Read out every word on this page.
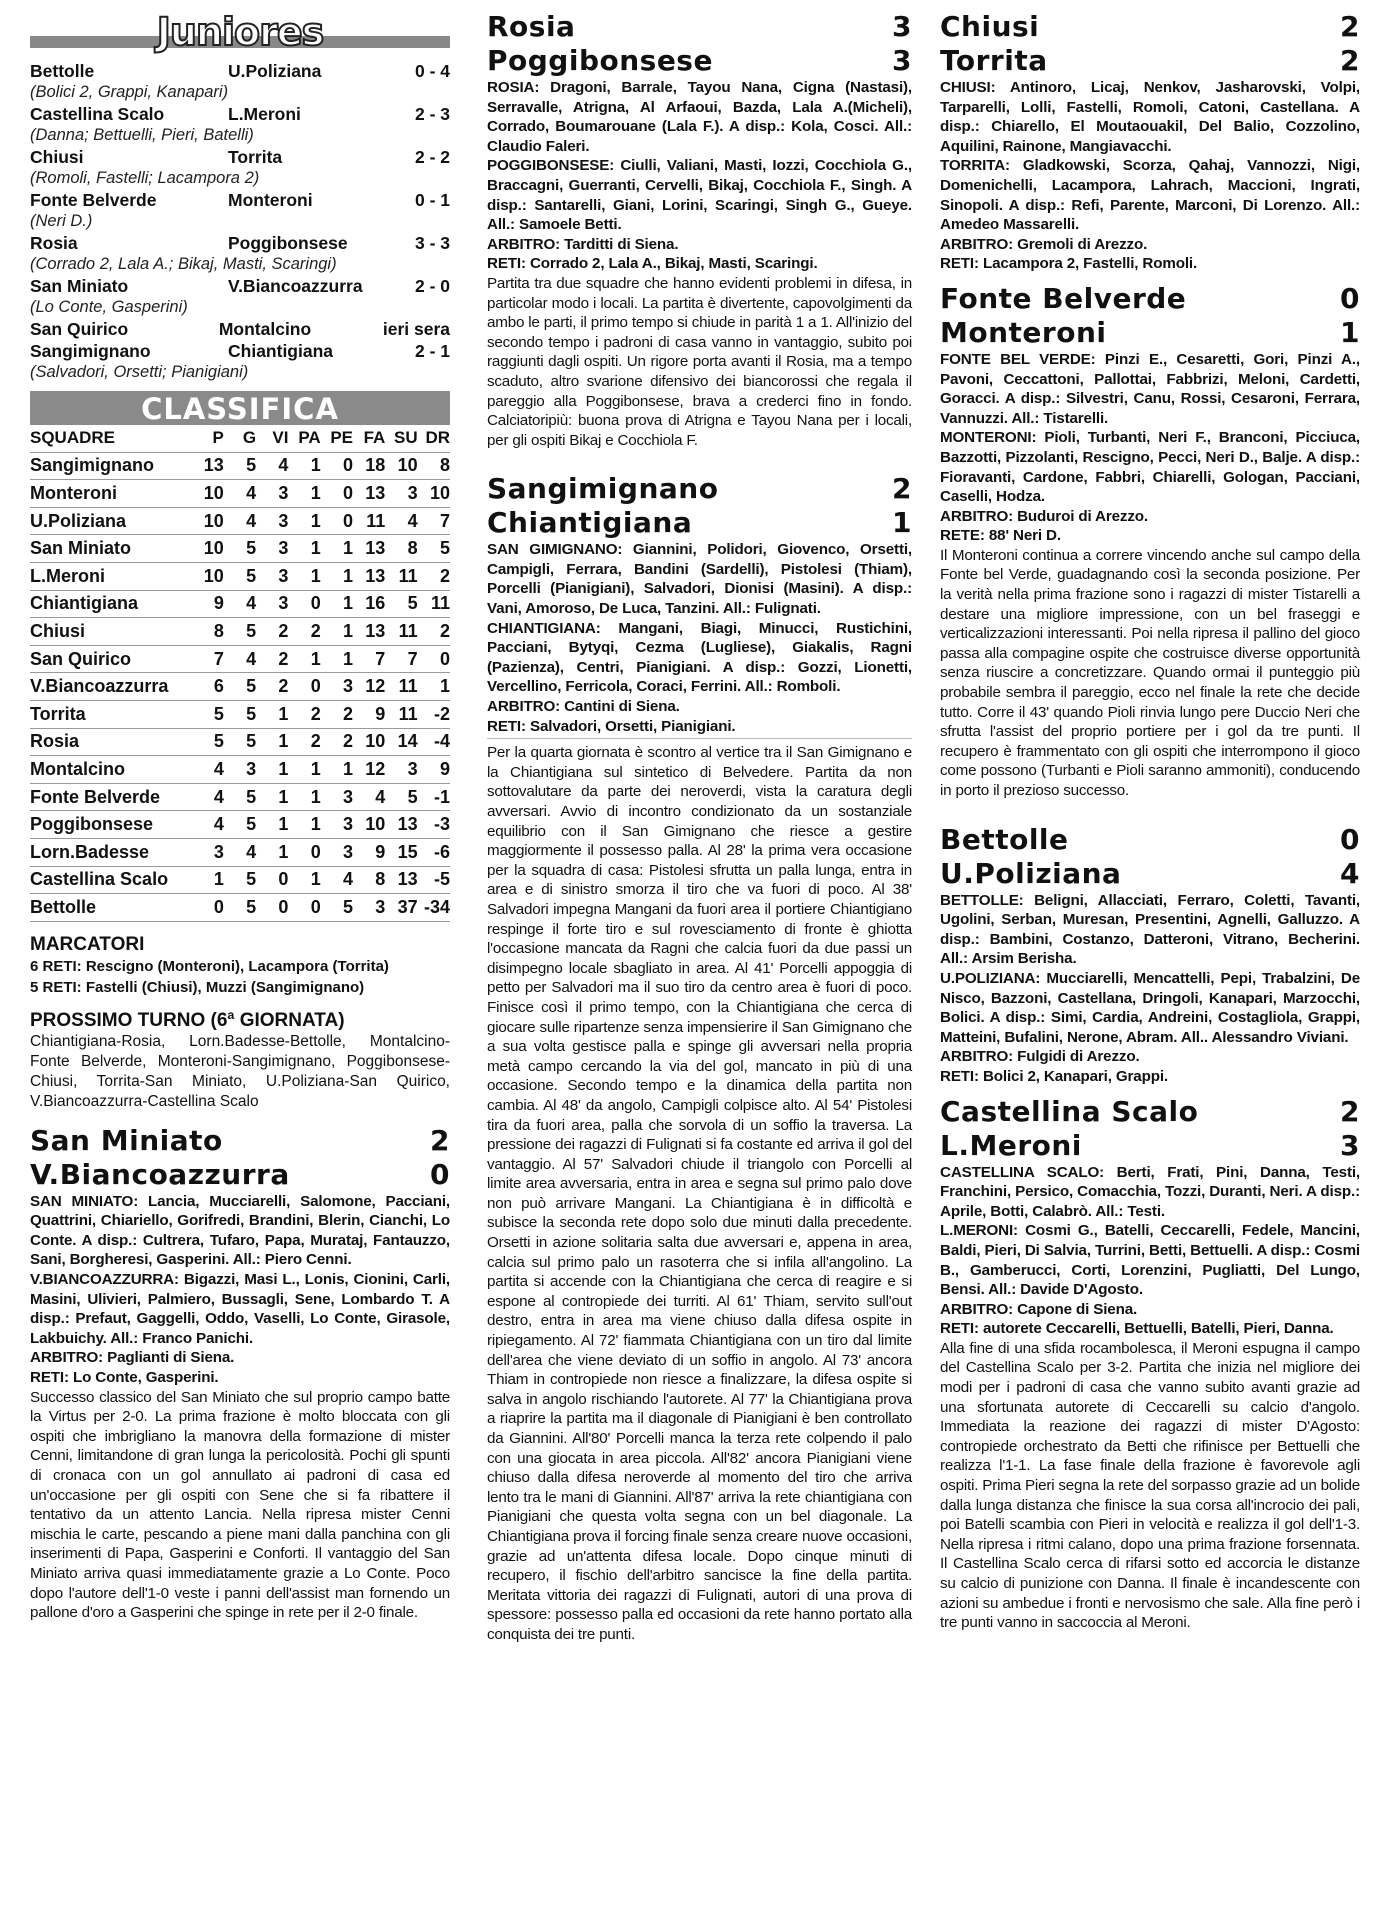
Juniores
Bettolle	U.Poliziana	0 - 4
(Bolici 2, Grappi, Kanapari)
Castellina Scalo	L.Meroni	2 - 3
(Danna; Bettuelli, Pieri, Batelli)
Chiusi	Torrita	2 - 2
(Romoli, Fastelli; Lacampora 2)
Fonte Belverde	Monteroni	0 - 1
(Neri D.)
Rosia	Poggibonsese	3 - 3
(Corrado 2, Lala A.; Bikaj, Masti, Scaringi)
San Miniato	V.Biancoazzurra	2 - 0
(Lo Conte, Gasperini)
San Quirico	Montalcino	ieri sera
Sangimignano	Chiantigiana	2 - 1
(Salvadori, Orsetti; Pianigiani)
CLASSIFICA
SQUADRE	P	G	VI	PA	PE	FA	SU	DR
Sangimignano	13	5	4	1	0	18	10	8
Monteroni	10	4	3	1	0	13	3	10
U.Poliziana	10	4	3	1	0	11	4	7
San Miniato	10	5	3	1	1	13	8	5
L.Meroni	10	5	3	1	1	13	11	2
Chiantigiana	9	4	3	0	1	16	5	11
Chiusi	8	5	2	2	1	13	11	2
San Quirico	7	4	2	1	1	7	7	0
V.Biancoazzurra	6	5	2	0	3	12	11	1
Torrita	5	5	1	2	2	9	11	-2
Rosia	5	5	1	2	2	10	14	-4
Montalcino	4	3	1	1	1	12	3	9
Fonte Belverde	4	5	1	1	3	4	5	-1
Poggibonsese	4	5	1	1	3	10	13	-3
Lorn.Badesse	3	4	1	0	3	9	15	-6
Castellina Scalo	1	5	0	1	4	8	13	-5
Bettolle	0	5	0	0	5	3	37	-34
MARCATORI
6 RETI: Rescigno (Monteroni), Lacampora (Torrita)
5 RETI: Fastelli (Chiusi), Muzzi (Sangimignano)
PROSSIMO TURNO (6ª GIORNATA)
Chiantigiana-Rosia, Lorn.Badesse-Bettolle, Montalcino-Fonte Belverde, Monteroni-Sangimignano, Poggibonsese-Chiusi, Torrita-San Miniato, U.Poliziana-San Quirico, V.Biancoazzurra-Castellina Scalo
San Miniato	2
V.Biancoazzurra	0
SAN MINIATO: Lancia, Mucciarelli, Salomone, Pacciani, Quattrini, Chiariello, Gorifredi, Brandini, Blerin, Cianchi, Lo Conte. A disp.: Cultrera, Tufaro, Papa, Murataj, Fantauzzo, Sani, Borgheresi, Gasperini. All.: Piero Cenni.
V.BIANCOAZZURRA: Bigazzi, Masi L., Lonis, Cionini, Carli, Masini, Ulivieri, Palmiero, Bussagli, Sene, Lombardo T. A disp.: Prefaut, Gaggelli, Oddo, Vaselli, Lo Conte, Girasole, Lakbuichy. All.: Franco Panichi.
ARBITRO: Paglianti di Siena.
RETI: Lo Conte, Gasperini.
Successo classico del San Miniato che sul proprio campo batte la Virtus per 2-0. La prima frazione è molto bloccata con gli ospiti che imbrigliano la manovra della formazione di mister Cenni, limitandone di gran lunga la pericolosità. Pochi gli spunti di cronaca con un gol annullato ai padroni di casa ed un'occasione per gli ospiti con Sene che si fa ribattere il tentativo da un attento Lancia. Nella ripresa mister Cenni mischia le carte, pescando a piene mani dalla panchina con gli inserimenti di Papa, Gasperini e Conforti. Il vantaggio del San Miniato arriva quasi immediatamente grazie a Lo Conte. Poco dopo l'autore dell'1-0 veste i panni dell'assist man fornendo un pallone d'oro a Gasperini che spinge in rete per il 2-0 finale.
Rosia	3
Poggibonsese	3
ROSIA: Dragoni, Barrale, Tayou Nana, Cigna (Nastasi), Serravalle, Atrigna, Al Arfaoui, Bazda, Lala A.(Micheli), Corrado, Boumarouane (Lala F.). A disp.: Kola, Cosci. All.: Claudio Faleri.
POGGIBONSESE: Ciulli, Valiani, Masti, Iozzi, Cocchiola G., Braccagni, Guerranti, Cervelli, Bikaj, Cocchiola F., Singh. A disp.: Santarelli, Giani, Lorini, Scaringi, Singh G., Gueye. All.: Samoele Betti.
ARBITRO: Tarditti di Siena.
RETI: Corrado 2, Lala A., Bikaj, Masti, Scaringi.
Partita tra due squadre che hanno evidenti problemi in difesa, in particolar modo i locali. La partita è divertente, capovolgimenti da ambo le parti, il primo tempo si chiude in parità 1 a 1. All'inizio del secondo tempo i padroni di casa vanno in vantaggio, subito poi raggiunti dagli ospiti. Un rigore porta avanti il Rosia, ma a tempo scaduto, altro svarione difensivo dei biancorossi che regala il pareggio alla Poggibonsese, brava a crederci fino in fondo. Calciatoripiù: buona prova di Atrigna e Tayou Nana per i locali, per gli ospiti Bikaj e Cocchiola F.
Sangimignano	2
Chiantigiana	1
SAN GIMIGNANO: Giannini, Polidori, Giovenco, Orsetti, Campigli, Ferrara, Bandini (Sardelli), Pistolesi (Thiam), Porcelli (Pianigiani), Salvadori, Dionisi (Masini). A disp.: Vani, Amoroso, De Luca, Tanzini. All.: Fulignati.
CHIANTIGIANA: Mangani, Biagi, Minucci, Rustichini, Pacciani, Bytyqi, Cezma (Lugliese), Giakalis, Ragni (Pazienza), Centri, Pianigiani. A disp.: Gozzi, Lionetti, Vercellino, Ferricola, Coraci, Ferrini. All.: Romboli.
ARBITRO: Cantini di Siena.
RETI: Salvadori, Orsetti, Pianigiani.
Per la quarta giornata è scontro al vertice tra il San Gimignano e la Chiantigiana sul sintetico di Belvedere. Partita da non sottovalutare da parte dei neroverdi, vista la caratura degli avversari. Avvio di incontro condizionato da un sostanziale equilibrio con il San Gimignano che riesce a gestire maggiormente il possesso palla. Al 28' la prima vera occasione per la squadra di casa: Pistolesi sfrutta un palla lunga, entra in area e di sinistro smorza il tiro che va fuori di poco. Al 38' Salvadori impegna Mangani da fuori area il portiere Chiantigiano respinge il forte tiro e sul rovesciamento di fronte è ghiotta l'occasione mancata da Ragni che calcia fuori da due passi un disimpegno locale sbagliato in area. Al 41' Porcelli appoggia di petto per Salvadori ma il suo tiro da centro area è fuori di poco. Finisce così il primo tempo, con la Chiantigiana che cerca di giocare sulle ripartenze senza impensierire il San Gimignano che a sua volta gestisce palla e spinge gli avversari nella propria metà campo cercando la via del gol, mancato in più di una occasione. Secondo tempo e la dinamica della partita non cambia. Al 48' da angolo, Campigli colpisce alto. Al 54' Pistolesi tira da fuori area, palla che sorvola di un soffio la traversa. La pressione dei ragazzi di Fulignati si fa costante ed arriva il gol del vantaggio. Al 57' Salvadori chiude il triangolo con Porcelli al limite area avversaria, entra in area e segna sul primo palo dove non può arrivare Mangani. La Chiantigiana è in difficoltà e subisce la seconda rete dopo solo due minuti dalla precedente. Orsetti in azione solitaria salta due avversari e, appena in area, calcia sul primo palo un rasoterra che si infila all'angolino. La partita si accende con la Chiantigiana che cerca di reagire e si espone al contropiede dei turriti. Al 61' Thiam, servito sull'out destro, entra in area ma viene chiuso dalla difesa ospite in ripiegamento. Al 72' fiammata Chiantigiana con un tiro dal limite dell'area che viene deviato di un soffio in angolo. Al 73' ancora Thiam in contropiede non riesce a finalizzare, la difesa ospite si salva in angolo rischiando l'autorete. Al 77' la Chiantigiana prova a riaprire la partita ma il diagonale di Pianigiani è ben controllato da Giannini. All'80' Porcelli manca la terza rete colpendo il palo con una giocata in area piccola. All'82' ancora Pianigiani viene chiuso dalla difesa neroverde al momento del tiro che arriva lento tra le mani di Giannini. All'87' arriva la rete chiantigiana con Pianigiani che questa volta segna con un bel diagonale. La Chiantigiana prova il forcing finale senza creare nuove occasioni, grazie ad un'attenta difesa locale. Dopo cinque minuti di recupero, il fischio dell'arbitro sancisce la fine della partita. Meritata vittoria dei ragazzi di Fulignati, autori di una prova di spessore: possesso palla ed occasioni da rete hanno portato alla conquista dei tre punti.
Chiusi	2
Torrita	2
CHIUSI: Antinoro, Licaj, Nenkov, Jasharovski, Volpi, Tarparelli, Lolli, Fastelli, Romoli, Catoni, Castellana. A disp.: Chiarello, El Moutaouakil, Del Balio, Cozzolino, Aquilini, Rainone, Mangiavacchi.
TORRITA: Gladkowski, Scorza, Qahaj, Vannozzi, Nigi, Domenichelli, Lacampora, Lahrach, Maccioni, Ingrati, Sinopoli. A disp.: Refi, Parente, Marconi, Di Lorenzo. All.: Amedeo Massarelli.
ARBITRO: Gremoli di Arezzo.
RETI: Lacampora 2, Fastelli, Romoli.
Fonte Belverde	0
Monteroni	1
FONTE BEL VERDE: Pinzi E., Cesaretti, Gori, Pinzi A., Pavoni, Ceccattoni, Pallottai, Fabbrizi, Meloni, Cardetti, Goracci. A disp.: Silvestri, Canu, Rossi, Cesaroni, Ferrara, Vannuzzi. All.: Tistarelli.
MONTERONI: Pioli, Turbanti, Neri F., Branconi, Picciuca, Bazzotti, Pizzolanti, Rescigno, Pecci, Neri D., Balje. A disp.: Fioravanti, Cardone, Fabbri, Chiarelli, Gologan, Pacciani, Caselli, Hodza.
ARBITRO: Buduroi di Arezzo.
RETE: 88' Neri D.
Il Monteroni continua a correre vincendo anche sul campo della Fonte bel Verde, guadagnando così la seconda posizione. Per la verità nella prima frazione sono i ragazzi di mister Tistarelli a destare una migliore impressione, con un bel fraseggi e verticalizzazioni interessanti. Poi nella ripresa il pallino del gioco passa alla compagine ospite che costruisce diverse opportunità senza riuscire a concretizzare. Quando ormai il punteggio più probabile sembra il pareggio, ecco nel finale la rete che decide tutto. Corre il 43' quando Pioli rinvia lungo pere Duccio Neri che sfrutta l'assist del proprio portiere per i gol da tre punti. Il recupero è frammentato con gli ospiti che interrompono il gioco come possono (Turbanti e Pioli saranno ammoniti), conducendo in porto il prezioso successo.
Bettolle	0
U.Poliziana	4
BETTOLLE: Beligni, Allacciati, Ferraro, Coletti, Tavanti, Ugolini, Serban, Muresan, Presentini, Agnelli, Galluzzo. A disp.: Bambini, Costanzo, Datteroni, Vitrano, Becherini. All.: Arsim Berisha.
U.POLIZIANA: Mucciarelli, Mencattelli, Pepi, Trabalzini, De Nisco, Bazzoni, Castellana, Dringoli, Kanapari, Marzocchi, Bolici. A disp.: Simi, Cardia, Andreini, Costagliola, Grappi, Matteini, Bufalini, Nerone, Abram. All.. Alessandro Viviani.
ARBITRO: Fulgidi di Arezzo.
RETI: Bolici 2, Kanapari, Grappi.
Castellina Scalo	2
L.Meroni	3
CASTELLINA SCALO: Berti, Frati, Pini, Danna, Testi, Franchini, Persico, Comacchia, Tozzi, Duranti, Neri. A disp.: Aprile, Botti, Calabrò. All.: Testi.
L.MERONI: Cosmi G., Batelli, Ceccarelli, Fedele, Mancini, Baldi, Pieri, Di Salvia, Turrini, Betti, Bettuelli. A disp.: Cosmi B., Gamberucci, Corti, Lorenzini, Pugliatti, Del Lungo, Bensi. All.: Davide D'Agosto.
ARBITRO: Capone di Siena.
RETI: autorete Ceccarelli, Bettuelli, Batelli, Pieri, Danna.
Alla fine di una sfida rocambolesca, il Meroni espugna il campo del Castellina Scalo per 3-2. Partita che inizia nel migliore dei modi per i padroni di casa che vanno subito avanti grazie ad una sfortunata autorete di Ceccarelli su calcio d'angolo. Immediata la reazione dei ragazzi di mister D'Agosto: contropiede orchestrato da Betti che rifinisce per Bettuelli che realizza l'1-1. La fase finale della frazione è favorevole agli ospiti. Prima Pieri segna la rete del sorpasso grazie ad un bolide dalla lunga distanza che finisce la sua corsa all'incrocio dei pali, poi Batelli scambia con Pieri in velocità e realizza il gol dell'1-3. Nella ripresa i ritmi calano, dopo una prima frazione forsennata. Il Castellina Scalo cerca di rifarsi sotto ed accorcia le distanze su calcio di punizione con Danna. Il finale è incandescente con azioni su ambedue i fronti e nervosismo che sale. Alla fine però i tre punti vanno in saccoccia al Meroni.
